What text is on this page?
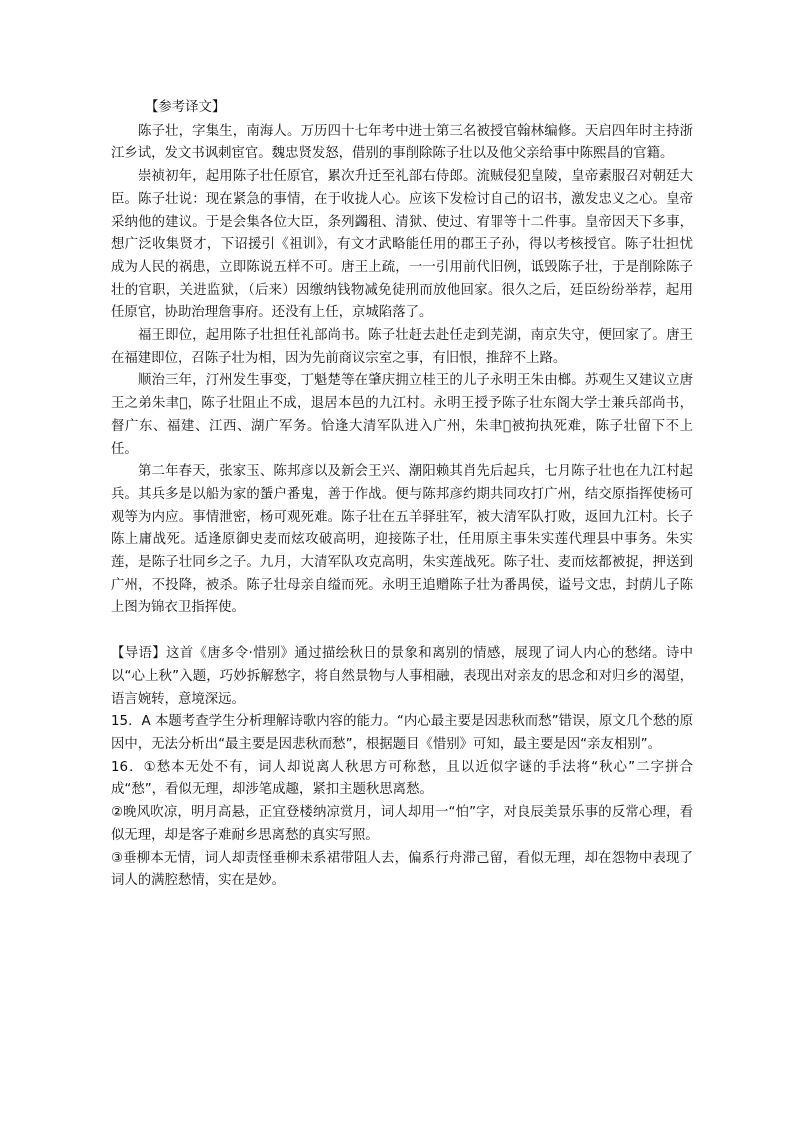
【参考译文】

陈子壮，字集生，南海人。万历四十七年考中进士第三名被授官翰林编修。天启四年时主持浙江乡试，发文书讽刺宦官。魏忠贤发怒，借别的事削除陈子壮以及他父亲给事中陈熙昌的官籍。

崇祯初年，起用陈子壮任原官，累次升迁至礼部右侍郎。流贼侵犯皇陵，皇帝素服召对朝廷大臣。陈子壮说：现在紧急的事情，在于收拢人心。应该下发检讨自己的诏书，激发忠义之心。皇帝采纳他的建议。于是会集各位大臣，条列蠲租、清狱、使过、宥罪等十二件事。皇帝因天下多事，想广泛收集贤才，下诏援引《祖训》，有文才武略能任用的郡王子孙，得以考核授官。陈子壮担忧成为人民的祸患，立即陈说五样不可。唐王上疏，一一引用前代旧例，诋毁陈子壮，于是削除陈子壮的官职，关进监狱，（后来）因缴纳钱物减免徒刑而放他回家。很久之后，廷臣纷纷举荐，起用任原官，协助治理詹事府。还没有上任，京城陷落了。

福王即位，起用陈子壮担任礼部尚书。陈子壮赶去赴任走到芜湖，南京失守，便回家了。唐王在福建即位，召陈子壮为相，因为先前商议宗室之事，有旧恨，推辞不上路。

顺治三年，汀州发生事变，丁魁楚等在肇庆拥立桂王的儿子永明王朱由榔。苏观生又建议立唐王之弟朱聿𨮁，陈子壮阻止不成，退居本邑的九江村。永明王授予陈子壮东阁大学士兼兵部尚书，督广东、福建、江西、湖广军务。恰逢大清军队进入广州，朱聿𨮁被拘执死难，陈子壮留下不上任。

第二年春天，张家玉、陈邦彦以及新会王兴、潮阳赖其肖先后起兵，七月陈子壮也在九江村起兵。其兵多是以船为家的蜑户番鬼，善于作战。便与陈邦彦约期共同攻打广州，结交原指挥使杨可观等为内应。事情泄密，杨可观死难。陈子壮在五羊驿驻军，被大清军队打败，返回九江村。长子陈上庸战死。适逢原御史麦而炫攻破高明，迎接陈子壮，任用原主事朱实莲代理县中事务。朱实莲，是陈子壮同乡之子。九月，大清军队攻克高明，朱实莲战死。陈子壮、麦而炫都被捉，押送到广州，不投降，被杀。陈子壮母亲自缢而死。永明王追赠陈子壮为番禺侯，谥号文忠，封荫儿子陈上图为锦衣卫指挥使。

【导语】这首《唐多令·惜别》通过描绘秋日的景象和离别的情感，展现了词人内心的愁绪。诗中以“心上秋”入题，巧妙拆解愁字，将自然景物与人事相融，表现出对亲友的思念和对归乡的渴望，语言婉转，意境深远。

15．A 本题考查学生分析理解诗歌内容的能力。“内心最主要是因悲秋而愁”错误，原文几个愁的原因中，无法分析出“最主要是因悲秋而愁”，根据题目《惜别》可知，最主要是因“亲友相别”。

16．①愁本无处不有，词人却说离人秋思方可称愁，且以近似字谜的手法将“秋心”二字拼合成“愁”，看似无理，却涉笔成趣，紧扣主题秋思离愁。

②晚风吹凉，明月高悬，正宜登楼纳凉赏月，词人却用一“怕”字，对良辰美景乐事的反常心理，看似无理，却是客子难耐乡思离愁的真实写照。

③垂柳本无情，词人却责怪垂柳未系裙带阻人去，偏系行舟滞己留，看似无理，却在怨物中表现了词人的满腔愁情，实在是妙。
